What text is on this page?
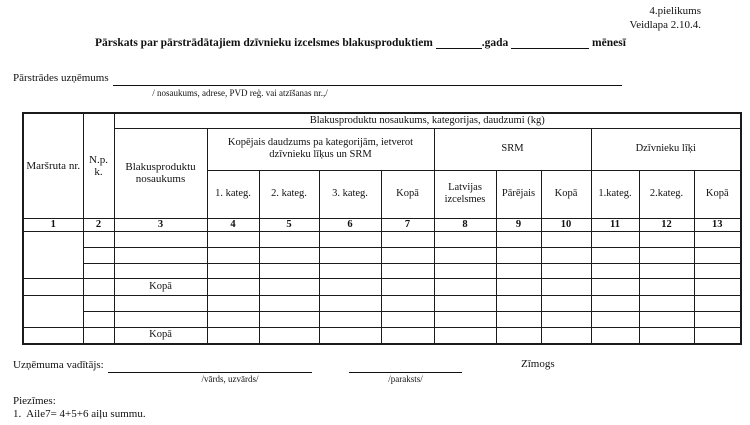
4.pielikums
Veidlapa 2.10.4.
Pārskats par pārstrādātajiem dzīvnieku izcelsmes blakusproduktiem	.gada	mēnesī
Pārstrādes uzņēmums
/ nosaukums, adrese, PVD reģ. vai atzīšanas nr.,/
Maršruta nr.	N.p. k.	Blakusproduktu nosaukums, kategorijas, daudzumi (kg)										
		Blakusproduktu nosaukums	Kopējais daudzums pa kategorijām, ietverot dzīvnieku līķus un SRM				SRM			Dzīvnieku līķi		
			1. kateg.	2. kateg.	3. kateg.	Kopā	Latvijas izcelsmes	Pārējais	Kopā	1.kateg.	2.kateg.	Kopā
1	2	3	4	5	6	7	8	9	10	11	12	13

		Kopā										

		Kopā										
Uzņēmuma vadītājs:
/vārds, uzvārds/	/paraksts/
Zīmogs
Piezīmes:
1.  Aile7= 4+5+6 aiļu summu.
